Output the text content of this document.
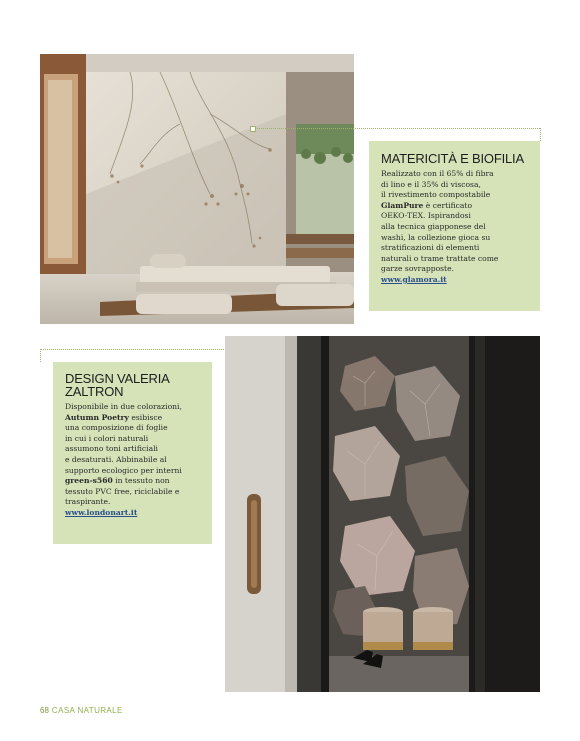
MATERICITÀ E BIOFILIA
Realizzato con il 65% di fibra
di lino e il 35% di viscosa,
il rivestimento compostabile
GlamPure è certificato
OEKO-TEX. Ispirandosi
alla tecnica giapponese del
washi, la collezione gioca su
stratificazioni di elementi
naturali o trame trattate come
garze sovrapposte.
www.glamora.it
DESIGN VALERIA
ZALTRON
Disponibile in due colorazioni,
Autumn Poetry esibisce
una composizione di foglie
in cui i colori naturali
assumono toni artificiali
e desaturati. Abbinabile al
supporto ecologico per interni
green-s560 in tessuto non
tessuto PVC free, riciclabile e
traspirante.
www.londonart.it
68 CASA NATURALE
